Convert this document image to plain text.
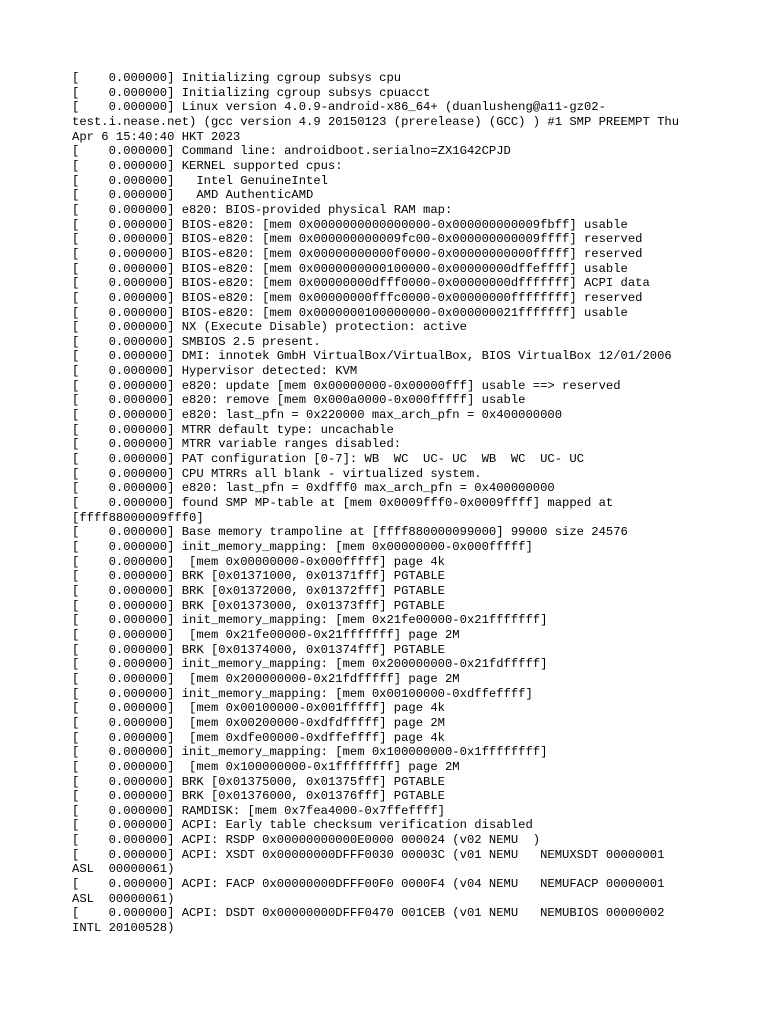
[    0.000000] Initializing cgroup subsys cpu
[    0.000000] Initializing cgroup subsys cpuacct
[    0.000000] Linux version 4.0.9-android-x86_64+ (duanlusheng@a11-gz02-
test.i.nease.net) (gcc version 4.9 20150123 (prerelease) (GCC) ) #1 SMP PREEMPT Thu
Apr 6 15:40:40 HKT 2023
[    0.000000] Command line: androidboot.serialno=ZX1G42CPJD
[    0.000000] KERNEL supported cpus:
[    0.000000]   Intel GenuineIntel
[    0.000000]   AMD AuthenticAMD
[    0.000000] e820: BIOS-provided physical RAM map:
[    0.000000] BIOS-e820: [mem 0x0000000000000000-0x000000000009fbff] usable
[    0.000000] BIOS-e820: [mem 0x000000000009fc00-0x000000000009ffff] reserved
[    0.000000] BIOS-e820: [mem 0x00000000000f0000-0x00000000000fffff] reserved
[    0.000000] BIOS-e820: [mem 0x0000000000100000-0x00000000dffeffff] usable
[    0.000000] BIOS-e820: [mem 0x00000000dfff0000-0x00000000dfffffff] ACPI data
[    0.000000] BIOS-e820: [mem 0x00000000fffc0000-0x00000000ffffffff] reserved
[    0.000000] BIOS-e820: [mem 0x0000000100000000-0x000000021fffffff] usable
[    0.000000] NX (Execute Disable) protection: active
[    0.000000] SMBIOS 2.5 present.
[    0.000000] DMI: innotek GmbH VirtualBox/VirtualBox, BIOS VirtualBox 12/01/2006
[    0.000000] Hypervisor detected: KVM
[    0.000000] e820: update [mem 0x00000000-0x00000fff] usable ==> reserved
[    0.000000] e820: remove [mem 0x000a0000-0x000fffff] usable
[    0.000000] e820: last_pfn = 0x220000 max_arch_pfn = 0x400000000
[    0.000000] MTRR default type: uncachable
[    0.000000] MTRR variable ranges disabled:
[    0.000000] PAT configuration [0-7]: WB  WC  UC- UC  WB  WC  UC- UC
[    0.000000] CPU MTRRs all blank - virtualized system.
[    0.000000] e820: last_pfn = 0xdfff0 max_arch_pfn = 0x400000000
[    0.000000] found SMP MP-table at [mem 0x0009fff0-0x0009ffff] mapped at
[ffff88000009fff0]
[    0.000000] Base memory trampoline at [ffff880000099000] 99000 size 24576
[    0.000000] init_memory_mapping: [mem 0x00000000-0x000fffff]
[    0.000000]  [mem 0x00000000-0x000fffff] page 4k
[    0.000000] BRK [0x01371000, 0x01371fff] PGTABLE
[    0.000000] BRK [0x01372000, 0x01372fff] PGTABLE
[    0.000000] BRK [0x01373000, 0x01373fff] PGTABLE
[    0.000000] init_memory_mapping: [mem 0x21fe00000-0x21fffffff]
[    0.000000]  [mem 0x21fe00000-0x21fffffff] page 2M
[    0.000000] BRK [0x01374000, 0x01374fff] PGTABLE
[    0.000000] init_memory_mapping: [mem 0x200000000-0x21fdfffff]
[    0.000000]  [mem 0x200000000-0x21fdfffff] page 2M
[    0.000000] init_memory_mapping: [mem 0x00100000-0xdffeffff]
[    0.000000]  [mem 0x00100000-0x001fffff] page 4k
[    0.000000]  [mem 0x00200000-0xdfdfffff] page 2M
[    0.000000]  [mem 0xdfe00000-0xdffeffff] page 4k
[    0.000000] init_memory_mapping: [mem 0x100000000-0x1ffffffff]
[    0.000000]  [mem 0x100000000-0x1ffffffff] page 2M
[    0.000000] BRK [0x01375000, 0x01375fff] PGTABLE
[    0.000000] BRK [0x01376000, 0x01376fff] PGTABLE
[    0.000000] RAMDISK: [mem 0x7fea4000-0x7ffeffff]
[    0.000000] ACPI: Early table checksum verification disabled
[    0.000000] ACPI: RSDP 0x00000000000E0000 000024 (v02 NEMU  )
[    0.000000] ACPI: XSDT 0x00000000DFFF0030 00003C (v01 NEMU   NEMUXSDT 00000001
ASL  00000061)
[    0.000000] ACPI: FACP 0x00000000DFFF00F0 0000F4 (v04 NEMU   NEMUFACP 00000001
ASL  00000061)
[    0.000000] ACPI: DSDT 0x00000000DFFF0470 001CEB (v01 NEMU   NEMUBIOS 00000002
INTL 20100528)
